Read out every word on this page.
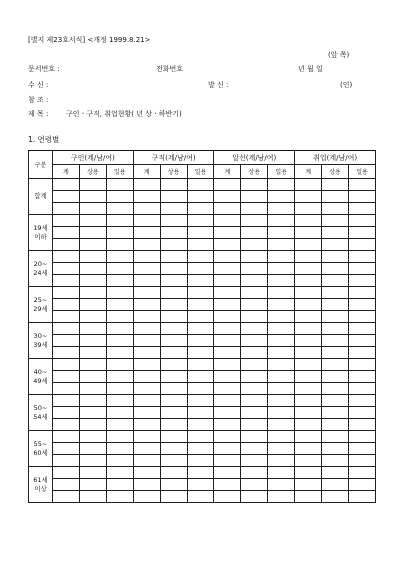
[별지 제23호서식] <개정 1999.8.21>
(앞 쪽)
문서번호 :	전화번호	년 월 일
수 신 :	발 신 :	(인)
참 조 :
제 목 :	구인ㆍ구직, 취업현황( 년 상ㆍ하반기)
1. 연령별
구분	구인(계/남/여)			구직(계/남/여)			알선(계/남/여)			취업(계/남/여)		
	계	상용	일용	계	상용	일용	계	상용	일용	계	상용	일용

합계												

19세
이하												

20~
24세												

25~
29세												

30~
39세												

40~
49세												

50~
54세												

55~
60세												

61세
이상												
